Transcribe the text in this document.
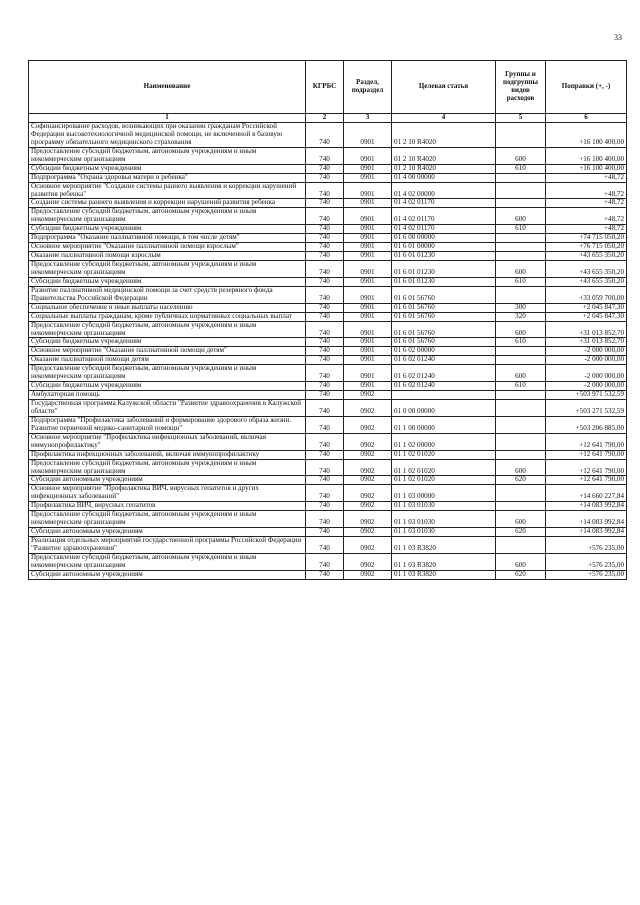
33
Наименование	КГРБС	Раздел, подраздел	Целевая статья	Группы и подгруппы видов расходов	Поправки (+, -)
1	2	3	4	5	6
Софинансирование расходов, возникающих при оказании гражданам Российской Федерации высокотехнологичной медицинской помощи, не включенной в базовую программу обязательного медицинского страхования	740	0901	01 2 10 R4020		+16 100 400,00
Предоставление субсидий бюджетным, автономным учреждениям и иным некоммерческим организациям	740	0901	01 2 10 R4020	600	+16 100 400,00
Субсидии бюджетным учреждениям	740	0901	01 2 10 R4020	610	+16 100 400,00
Подпрограмма "Охрана здоровья матери и ребенка"	740	0901	01 4 00 00000		+48,72
Основное мероприятие "Создание системы раннего выявления и коррекции нарушений развития ребенка"	740	0901	01 4 02 00000		+48,72
Создание системы раннего выявления и коррекции нарушений развития ребенка	740	0901	01 4 02 01170		+48,72
Предоставление субсидий бюджетным, автономным учреждениям и иным некоммерческим организациям	740	0901	01 4 02 01170	600	+48,72
Субсидии бюджетным учреждениям	740	0901	01 4 02 01170	610	+48,72
Подпрограмма "Оказание паллиативной помощи, в том числе детям"	740	0901	01 6 00 00000		+74 715 050,20
Основное мероприятие "Оказание паллиативной помощи взрослым"	740	0901	01 6 01 00000		+76 715 050,20
Оказание паллиативной помощи взрослым	740	0901	01 6 01 01230		+43 655 350,20
Предоставление субсидий бюджетным, автономным учреждениям и иным некоммерческим организациям	740	0901	01 6 01 01230	600	+43 655 350,20
Субсидии бюджетным учреждениям	740	0901	01 6 01 01230	610	+43 655 350,20
Развитие паллиативной медицинской помощи за счет средств резервного фонда Правительства Российской Федерации	740	0901	01 6 01 56760		+33 059 700,00
Социальное обеспечение и иные выплаты населению	740	0901	01 6 01 56760	300	+2 045 847,30
Социальные выплаты гражданам, кроме публичных нормативных социальных выплат	740	0901	01 6 01 56760	320	+2 045 847,30
Предоставление субсидий бюджетным, автономным учреждениям и иным некоммерческим организациям	740	0901	01 6 01 56760	600	+31 013 852,70
Субсидии бюджетным учреждениям	740	0901	01 6 01 56760	610	+31 013 852,70
Основное мероприятие "Оказание паллиативной помощи детям"	740	0901	01 6 02 00000		-2 000 000,00
Оказание паллиативной помощи детям	740	0901	01 6 02 01240		-2 000 000,00
Предоставление субсидий бюджетным, автономным учреждениям и иным некоммерческим организациям	740	0901	01 6 02 01240	600	-2 000 000,00
Субсидии бюджетным учреждениям	740	0901	01 6 02 01240	610	-2 000 000,00
Амбулаторная помощь	740	0902			+503 971 532,59
Государственная программа Калужской области "Развитие здравоохранения в Калужской области"	740	0902	01 0 00 00000		+503 271 532,59
Подпрограмма "Профилактика заболеваний и формирование здорового образа жизни. Развитие первичной медико-санитарной помощи"	740	0902	01 1 00 00000		+503 206 885,00
Основное мероприятие "Профилактика инфекционных заболеваний, включая иммунопрофилактику"	740	0902	01 1 02 00000		+12 641 790,00
Профилактика инфекционных заболеваний, включая иммунопрофилактику	740	0902	01 1 02 01020		+12 641 790,00
Предоставление субсидий бюджетным, автономным учреждениям и иным некоммерческим организациям	740	0902	01 1 02 01020	600	+12 641 790,00
Субсидии автономным учреждениям	740	0902	01 1 02 01020	620	+12 641 790,00
Основное мероприятие "Профилактика ВИЧ, вирусных гепатитов и других инфекционных заболеваний"	740	0902	01 1 03 00000		+14 660 227,84
Профилактика ВИЧ, вирусных гепатитов	740	0902	01 1 03 01030		+14 083 992,84
Предоставление субсидий бюджетным, автономным учреждениям и иным некоммерческим организациям	740	0902	01 1 03 01030	600	+14 083 992,84
Субсидии автономным учреждениям	740	0902	01 1 03 01030	620	+14 083 992,84
Реализация отдельных мероприятий государственной программы Российской Федерации "Развитие здравоохранения"	740	0902	01 1 03 R3820		+576 235,00
Предоставление субсидий бюджетным, автономным учреждениям и иным некоммерческим организациям	740	0902	01 1 03 R3820	600	+576 235,00
Субсидии автономным учреждениям	740	0902	01 1 03 R3820	620	+576 235,00
